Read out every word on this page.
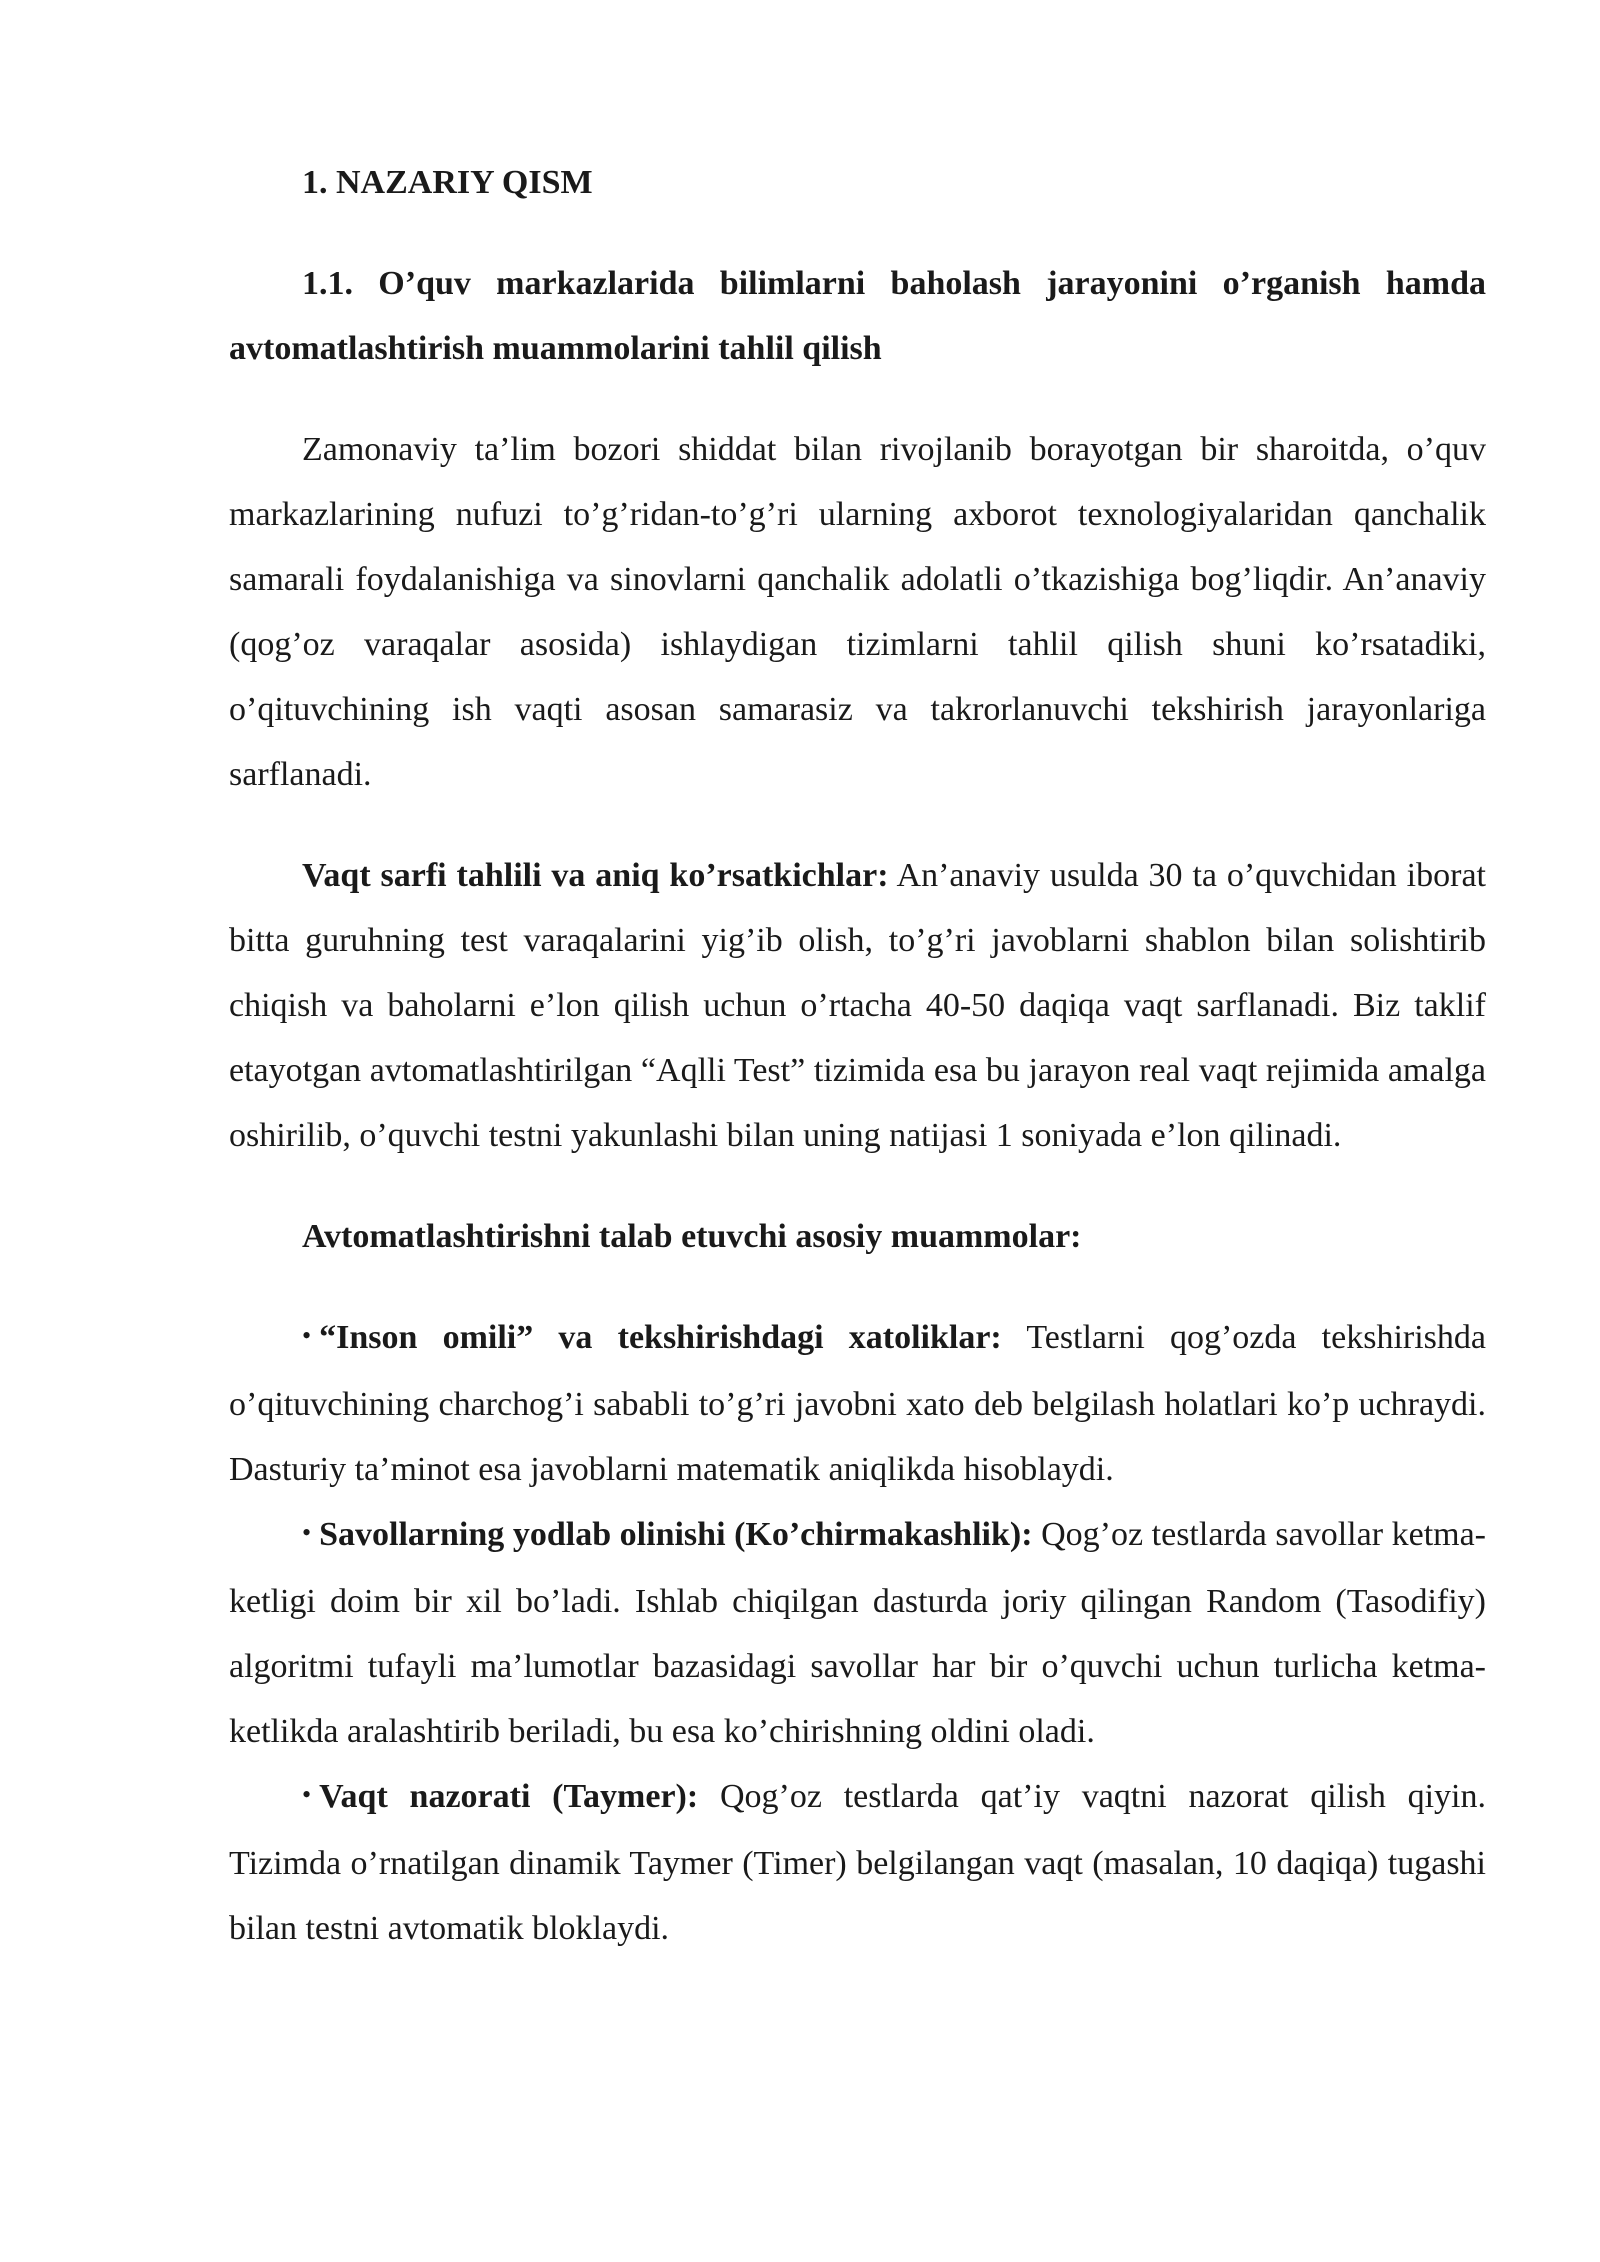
1. NAZARIY QISM

1.1. O’quv markazlarida bilimlarni baholash jarayonini o’rganish hamda avtomatlashtirish muammolarini tahlil qilish

Zamonaviy ta’lim bozori shiddat bilan rivojlanib borayotgan bir sharoitda, o’quv markazlarining nufuzi to’g’ridan-to’g’ri ularning axborot texnologiyalaridan qanchalik samarali foydalanishiga va sinovlarni qanchalik adolatli o’tkazishiga bog’liqdir. An’anaviy (qog’oz varaqalar asosida) ishlaydigan tizimlarni tahlil qilish shuni ko’rsatadiki, o’qituvchining ish vaqti asosan samarasiz va takrorlanuvchi tekshirish jarayonlariga sarflanadi.

Vaqt sarfi tahlili va aniq ko’rsatkichlar: An’anaviy usulda 30 ta o’quvchidan iborat bitta guruhning test varaqalarini yig’ib olish, to’g’ri javoblarni shablon bilan solishtirib chiqish va baholarni e’lon qilish uchun o’rtacha 40-50 daqiqa vaqt sarflanadi. Biz taklif etayotgan avtomatlashtirilgan “Aqlli Test” tizimida esa bu jarayon real vaqt rejimida amalga oshirilib, o’quvchi testni yakunlashi bilan uning natijasi 1 soniyada e’lon qilinadi.

Avtomatlashtirishni talab etuvchi asosiy muammolar:

• “Inson omili” va tekshirishdagi xatoliklar: Testlarni qog’ozda tekshirishda o’qituvchining charchog’i sababli to’g’ri javobni xato deb belgilash holatlari ko’p uchraydi. Dasturiy ta’minot esa javoblarni matematik aniqlikda hisoblaydi.

• Savollarning yodlab olinishi (Ko’chirmakashlik): Qog’oz testlarda savollar ketma-ketligi doim bir xil bo’ladi. Ishlab chiqilgan dasturda joriy qilingan Random (Tasodifiy) algoritmi tufayli ma’lumotlar bazasidagi savollar har bir o’quvchi uchun turlicha ketma-ketlikda aralashtirib beriladi, bu esa ko’chirishning oldini oladi.

• Vaqt nazorati (Taymer): Qog’oz testlarda qat’iy vaqtni nazorat qilish qiyin. Tizimda o’rnatilgan dinamik Taymer (Timer) belgilangan vaqt (masalan, 10 daqiqa) tugashi bilan testni avtomatik bloklaydi.
